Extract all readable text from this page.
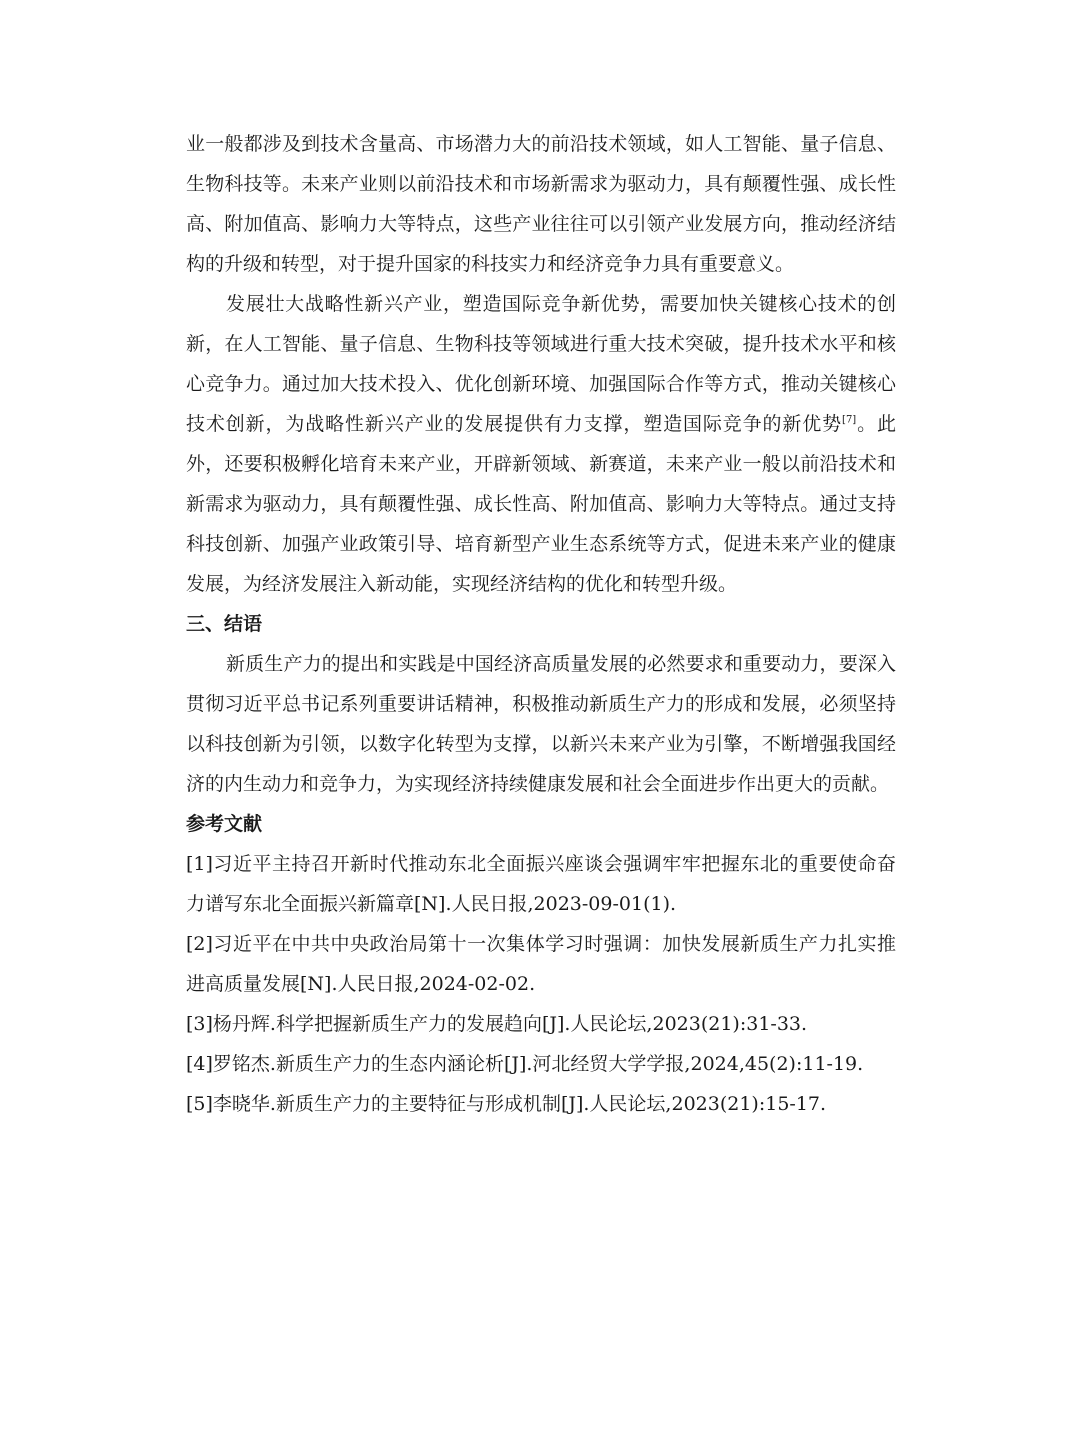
业一般都涉及到技术含量高、市场潜力大的前沿技术领域，如人工智能、量子信息、生物科技等。未来产业则以前沿技术和市场新需求为驱动力，具有颠覆性强、成长性高、附加值高、影响力大等特点，这些产业往往可以引领产业发展方向，推动经济结构的升级和转型，对于提升国家的科技实力和经济竞争力具有重要意义。

发展壮大战略性新兴产业，塑造国际竞争新优势，需要加快关键核心技术的创新，在人工智能、量子信息、生物科技等领域进行重大技术突破，提升技术水平和核心竞争力。通过加大技术投入、优化创新环境、加强国际合作等方式，推动关键核心技术创新，为战略性新兴产业的发展提供有力支撑，塑造国际竞争的新优势[7]。此外，还要积极孵化培育未来产业，开辟新领域、新赛道，未来产业一般以前沿技术和新需求为驱动力，具有颠覆性强、成长性高、附加值高、影响力大等特点。通过支持科技创新、加强产业政策引导、培育新型产业生态系统等方式，促进未来产业的健康发展，为经济发展注入新动能，实现经济结构的优化和转型升级。

三、结语

新质生产力的提出和实践是中国经济高质量发展的必然要求和重要动力，要深入贯彻习近平总书记系列重要讲话精神，积极推动新质生产力的形成和发展，必须坚持以科技创新为引领，以数字化转型为支撑，以新兴未来产业为引擎，不断增强我国经济的内生动力和竞争力，为实现经济持续健康发展和社会全面进步作出更大的贡献。

参考文献

[1]习近平主持召开新时代推动东北全面振兴座谈会强调牢牢把握东北的重要使命奋力谱写东北全面振兴新篇章[N].人民日报,2023-09-01(1).

[2]习近平在中共中央政治局第十一次集体学习时强调：加快发展新质生产力扎实推进高质量发展[N].人民日报,2024-02-02.

[3]杨丹辉.科学把握新质生产力的发展趋向[J].人民论坛,2023(21):31-33.

[4]罗铭杰.新质生产力的生态内涵论析[J].河北经贸大学学报,2024,45(2):11-19.

[5]李晓华.新质生产力的主要特征与形成机制[J].人民论坛,2023(21):15-17.
